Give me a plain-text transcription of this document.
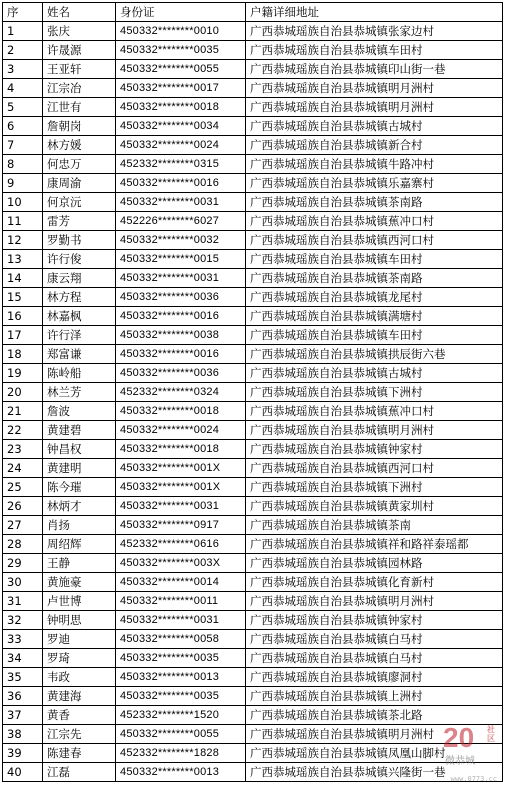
序	姓名	身份证	户籍详细地址
1	张庆	450332********0010	广西恭城瑶族自治县恭城镇张家边村
2	许晟源	450332********0035	广西恭城瑶族自治县恭城镇车田村
3	王亚轩	450332********0055	广西恭城瑶族自治县恭城镇印山街一巷
4	江宗冶	450332********0017	广西恭城瑶族自治县恭城镇明月洲村
5	江世有	450332********0018	广西恭城瑶族自治县恭城镇明月洲村
6	詹朝岗	450332********0034	广西恭城瑶族自治县恭城镇古城村
7	林方媛	450332********0024	广西恭城瑶族自治县恭城镇新合村
8	何忠万	452332********0315	广西恭城瑶族自治县恭城镇牛路冲村
9	康周渝	450332********0016	广西恭城瑶族自治县恭城镇乐嘉寨村
10	何京沅	450332********0031	广西恭城瑶族自治县恭城镇茶南路
11	雷芳	452226********6027	广西恭城瑶族自治县恭城镇蕉冲口村
12	罗勤书	450332********0032	广西恭城瑶族自治县恭城镇西河口村
13	许行俊	450332********0015	广西恭城瑶族自治县恭城镇车田村
14	康云翔	450332********0031	广西恭城瑶族自治县恭城镇茶南路
15	林方程	450332********0036	广西恭城瑶族自治县恭城镇龙尾村
16	林嘉枫	450332********0016	广西恭城瑶族自治县恭城镇满塘村
17	许行泽	450332********0038	广西恭城瑶族自治县恭城镇车田村
18	郑富谦	450332********0016	广西恭城瑶族自治县恭城镇拱辰街六巷
19	陈岭船	450332********0036	广西恭城瑶族自治县恭城镇古城村
20	林兰芳	452332********0324	广西恭城瑶族自治县恭城镇下洲村
21	詹波	450332********0018	广西恭城瑶族自治县恭城镇蕉冲口村
22	黄建碧	450332********0024	广西恭城瑶族自治县恭城镇明月洲村
23	钟昌权	450332********0018	广西恭城瑶族自治县恭城镇钟家村
24	黄建明	450332********001X	广西恭城瑶族自治县恭城镇西河口村
25	陈今璀	450332********001X	广西恭城瑶族自治县恭城镇下洲村
26	林炳才	450332********0031	广西恭城瑶族自治县恭城镇黄家圳村
27	肖扬	450332********0917	广西恭城瑶族自治县恭城镇茶南
28	周绍辉	452332********0616	广西恭城瑶族自治县恭城镇祥和路祥泰瑶都
29	王静	450332********003X	广西恭城瑶族自治县恭城镇园林路
30	黄施豪	450332********0014	广西恭城瑶族自治县恭城镇化育新村
31	卢世博	450332********0011	广西恭城瑶族自治县恭城镇明月洲村
32	钟明思	450332********0031	广西恭城瑶族自治县恭城镇钟家村
33	罗迪	450332********0058	广西恭城瑶族自治县恭城镇白马村
34	罗琦	450332********0035	广西恭城瑶族自治县恭城镇白马村
35	韦政	450332********0013	广西恭城瑶族自治县恭城镇廖洞村
36	黄建海	450332********0035	广西恭城瑶族自治县恭城镇上洲村
37	黄香	452332********1520	广西恭城瑶族自治县恭城镇茶北路
38	江宗先	450332********0055	广西恭城瑶族自治县恭城镇明月洲村
39	陈建春	452332********1828	广西恭城瑶族自治县恭城镇凤凰山脚村
40	江磊	450332********0013	广西恭城瑶族自治县恭城镇兴隆街一巷
20 社区
微恭城
www.0773.cc
